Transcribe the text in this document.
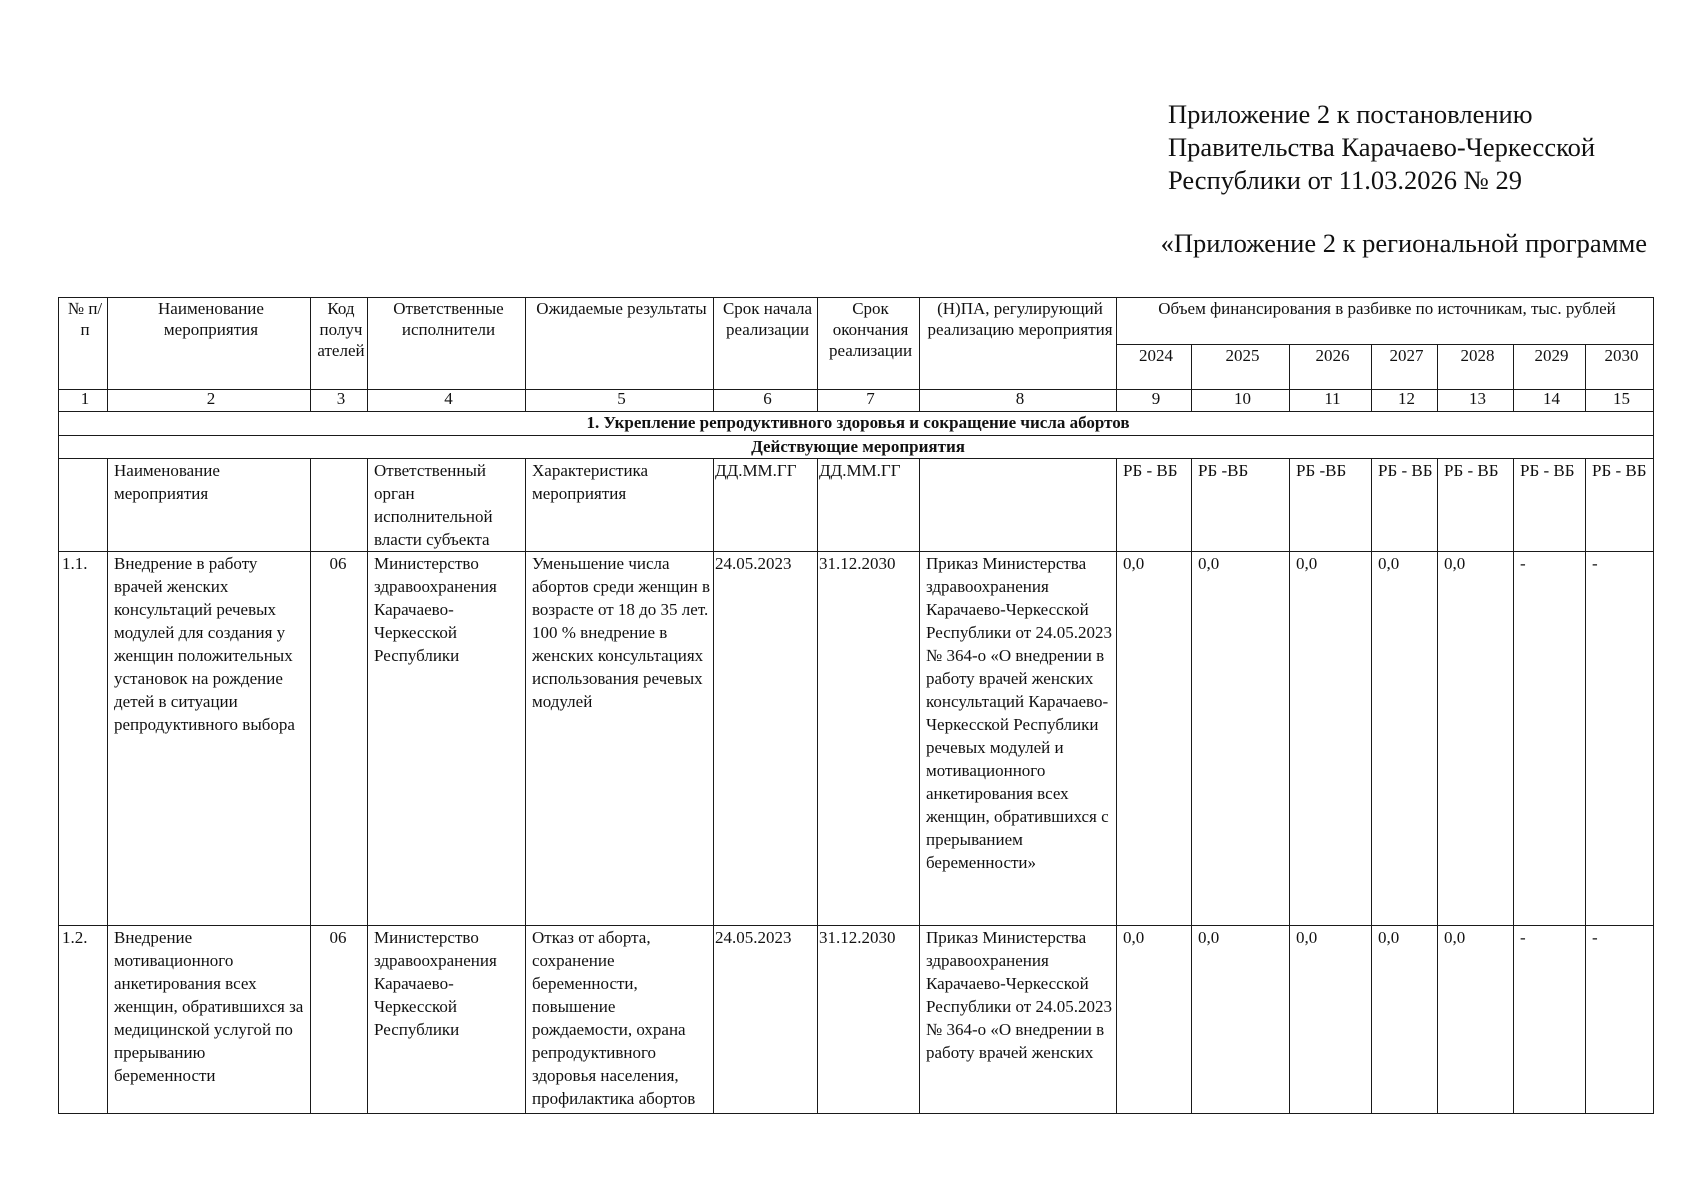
Приложение 2 к постановлению
Правительства Карачаево-Черкесской
Республики от 11.03.2026 № 29
«Приложение 2 к региональной программе
№ п/п	Наименование мероприятия	Код получателей	Ответственные исполнители	Ожидаемые результаты	Срок начала реализации	Срок окончания реализации	(Н)ПА, регулирующий реализацию мероприятия	Объем финансирования в разбивке по источникам, тыс. рублей						
								2024	2025	2026	2027	2028	2029	2030
1	2	3	4	5	6	7	8	9	10	11	12	13	14	15
1. Укрепление репродуктивного здоровья и сокращение числа абортов														
Действующие мероприятия														
	Наименование мероприятия		Ответственный орган исполнительной власти субъекта	Характеристика мероприятия	ДД.ММ.ГГ	ДД.ММ.ГГ		РБ - ВБ	РБ -ВБ	РБ -ВБ	РБ - ВБ	РБ - ВБ	РБ - ВБ	РБ - ВБ
1.1.	Внедрение в работу врачей женских консультаций речевых модулей для создания у женщин положительных установок на рождение детей в ситуации репродуктивного выбора	06	Министерство здравоохранения Карачаево-Черкесской Республики	Уменьшение числа абортов среди женщин в возрасте от 18 до 35 лет. 100 % внедрение в женских консультациях использования речевых модулей	24.05.2023	31.12.2030	Приказ Министерства здравоохранения Карачаево-Черкесской Республики от 24.05.2023 № 364-о «О внедрении в работу врачей женских консультаций Карачаево-Черкесской Республики речевых модулей и мотивационного анкетирования всех женщин, обратившихся с прерыванием беременности»	0,0	0,0	0,0	0,0	0,0	-	-
1.2.	Внедрение мотивационного анкетирования всех женщин, обратившихся за медицинской услугой по прерыванию беременности	06	Министерство здравоохранения Карачаево-Черкесской Республики	Отказ от аборта, сохранение беременности, повышение рождаемости, охрана репродуктивного здоровья населения, профилактика абортов	24.05.2023	31.12.2030	Приказ Министерства здравоохранения Карачаево-Черкесской Республики от 24.05.2023 № 364-о «О внедрении в работу врачей женских	0,0	0,0	0,0	0,0	0,0	-	-
